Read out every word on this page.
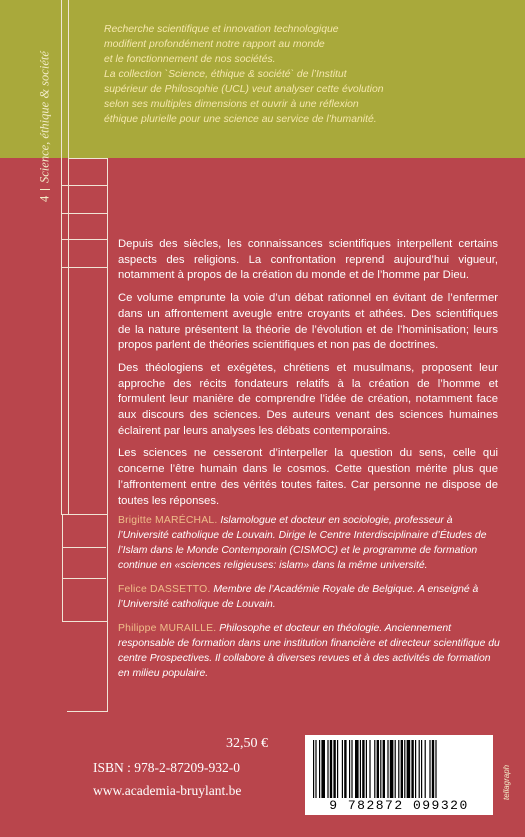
4
Science, éthique & société

Recherche scientifique et innovation technologique

modifient profondément notre rapport au monde

et le fonctionnement de nos sociétés.

La collection `Science, éthique & société` de l’Institut

supérieur de Philosophie (UCL) veut analyser cette évolution

selon ses multiples dimensions et ouvrir à une réflexion

éthique plurielle pour une science au service de l’humanité.

Depuis des siècles, les connaissances scientifiques interpellent certains aspects des religions. La confrontation reprend aujourd’hui vigueur, notamment à propos de la création du monde et de l’homme par Dieu.

Ce volume emprunte la voie d’un débat rationnel en évitant de l’enfermer dans un affrontement aveugle entre croyants et athées. Des scientifiques de la nature présentent la théorie de l’évolution et de l’hominisation; leurs propos parlent de théories scientifiques et non pas de doctrines.

Des théologiens et exégètes, chrétiens et musulmans, proposent leur approche des récits fondateurs relatifs à la création de l’homme et formulent leur manière de comprendre l’idée de création, notamment face aux discours des sciences. Des auteurs venant des sciences humaines éclairent par leurs analyses les débats contemporains.

Les sciences ne cesseront d’interpeller la question du sens, celle qui concerne l’être humain dans le cosmos. Cette question mérite plus que l’affrontement entre des vérités toutes faites. Car personne ne dispose de toutes les réponses.

Brigitte MARÉCHAL. Islamologue et docteur en sociologie, professeur à l’Université catholique de Louvain. Dirige le Centre Interdisciplinaire d’Études de l’Islam dans le Monde Contemporain (CISMOC) et le programme de formation continue en «sciences religieuses: islam» dans la même université.

Felice DASSETTO. Membre de l’Académie Royale de Belgique. A enseigné à l’Université catholique de Louvain.

Philippe MURAILLE. Philosophe et docteur en théologie. Anciennement responsable de formation dans une institution financière et directeur scientifique du centre Prospectives. Il collabore à diverses revues et à des activités de formation en milieu populaire.

32,50 €
ISBN : 978-2-87209-932-0
www.academia-bruylant.be
9 782872 099320
tellagraph
